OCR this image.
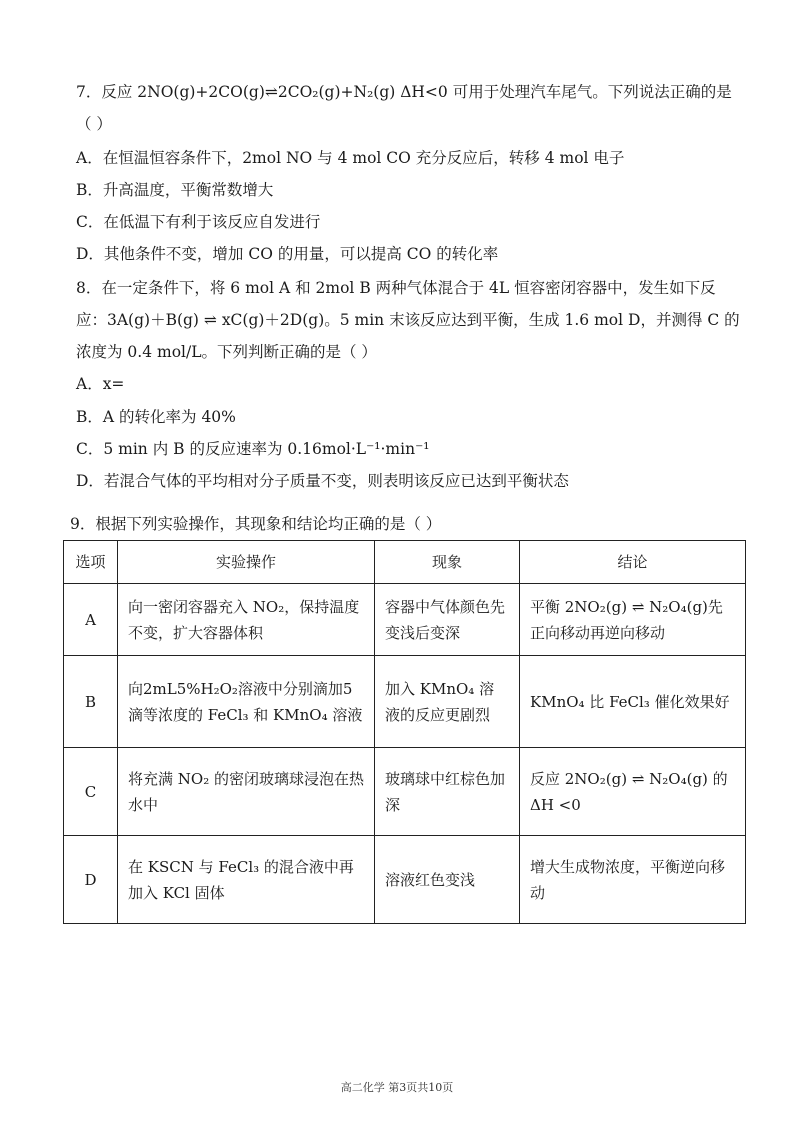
7．反应 2NO(g)+2CO(g)⇌2CO₂(g)+N₂(g) ΔH<0 可用于处理汽车尾气。下列说法正确的是
（ ）
A．在恒温恒容条件下，2mol NO 与 4 mol CO 充分反应后，转移 4 mol 电子
B．升高温度，平衡常数增大
C．在低温下有利于该反应自发进行
D．其他条件不变，增加 CO 的用量，可以提高 CO 的转化率
8．在一定条件下，将 6 mol A 和 2mol B 两种气体混合于 4L 恒容密闭容器中，发生如下反
应：3A(g)＋B(g) ⇌ xC(g)＋2D(g)。5 min 末该反应达到平衡，生成 1.6 mol D，并测得 C 的
浓度为 0.4 mol/L。下列判断正确的是（ ）
A．x=
B．A 的转化率为 40%
C．5 min 内 B 的反应速率为 0.16mol·L⁻¹·min⁻¹
D．若混合气体的平均相对分子质量不变，则表明该反应已达到平衡状态
9．根据下列实验操作，其现象和结论均正确的是（ ）
选项	实验操作	现象	结论
A	向一密闭容器充入 NO₂，保持温度不变，扩大容器体积	容器中气体颜色先变浅后变深	平衡 2NO₂(g) ⇌ N₂O₄(g)先正向移动再逆向移动
B	向2mL5%H₂O₂溶液中分别滴加5滴等浓度的 FeCl₃ 和 KMnO₄ 溶液	加入 KMnO₄ 溶液的反应更剧烈	KMnO₄ 比 FeCl₃ 催化效果好
C	将充满 NO₂ 的密闭玻璃球浸泡在热水中	玻璃球中红棕色加深	反应 2NO₂(g) ⇌ N₂O₄(g) 的 ΔH <0
D	在 KSCN 与 FeCl₃ 的混合液中再加入 KCl 固体	溶液红色变浅	增大生成物浓度，平衡逆向移动
高二化学 第3页共10页
